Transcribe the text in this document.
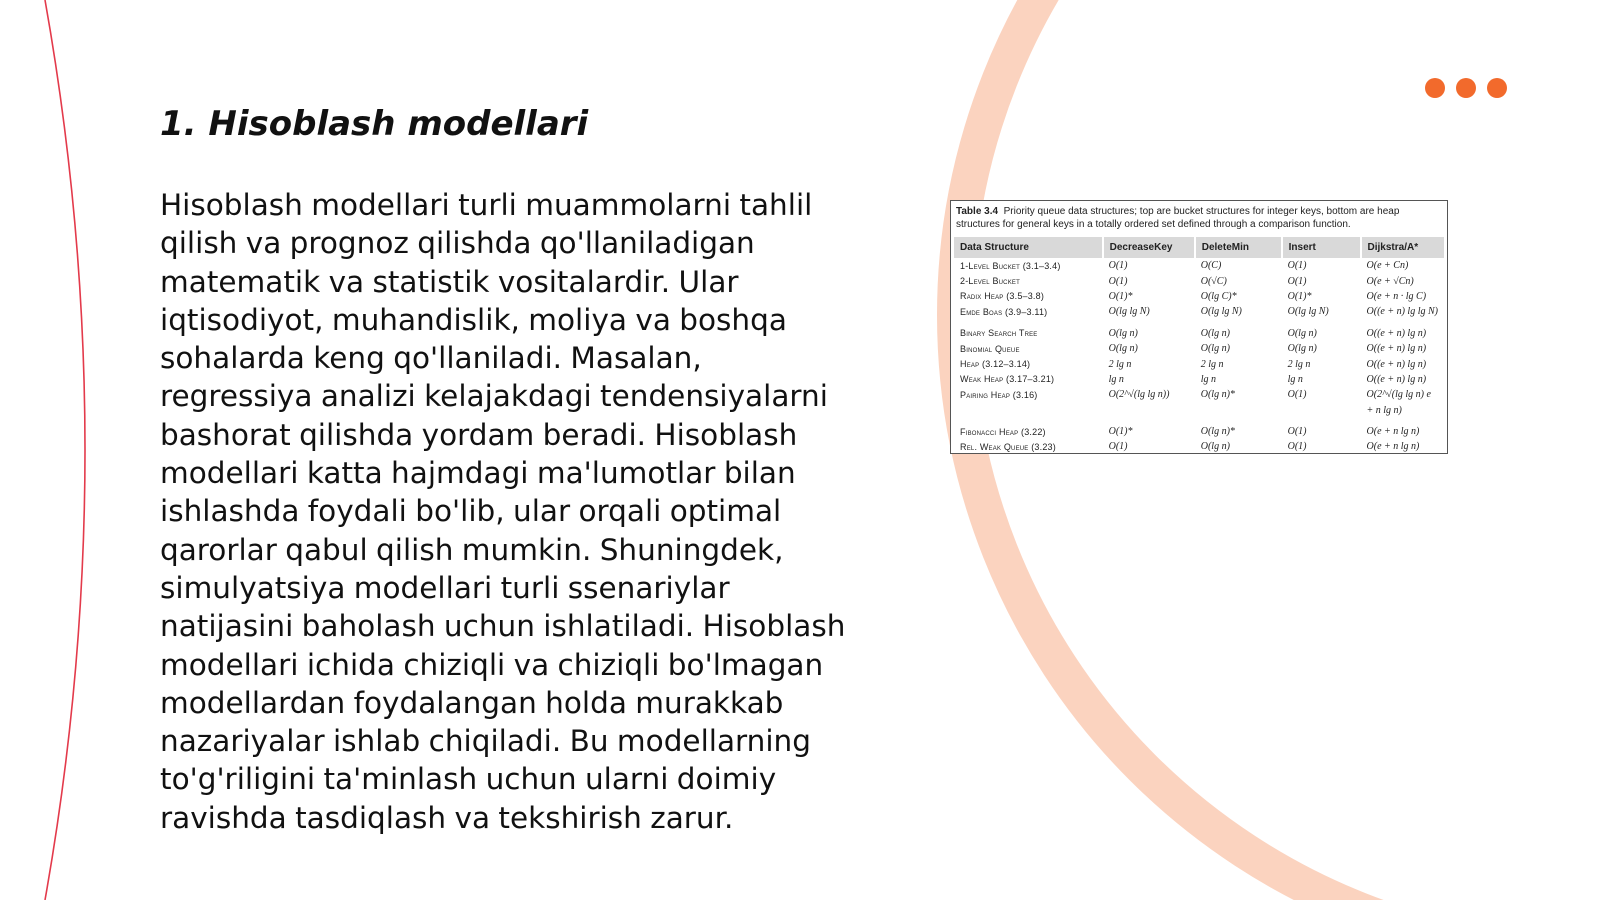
1. Hisoblash modellari

Hisoblash modellari turli muammolarni tahlil qilish va prognoz qilishda qo'llaniladigan matematik va statistik vositalardir. Ular iqtisodiyot, muhandislik, moliya va boshqa sohalarda keng qo'llaniladi. Masalan, regressiya analizi kelajakdagi tendensiyalarni bashorat qilishda yordam beradi. Hisoblash modellari katta hajmdagi ma'lumotlar bilan ishlashda foydali bo'lib, ular orqali optimal qarorlar qabul qilish mumkin. Shuningdek, simulyatsiya modellari turli ssenariylar natijasini baholash uchun ishlatiladi. Hisoblash modellari ichida chiziqli va chiziqli bo'lmagan modellardan foydalangan holda murakkab nazariyalar ishlab chiqiladi. Bu modellarning to'g'riligini ta'minlash uchun ularni doimiy ravishda tasdiqlash va tekshirish zarur.

Table 3.4 Priority queue data structures; top are bucket structures for integer keys, bottom are heap structures for general keys in a totally ordered set defined through a comparison function.

Data Structure	DecreaseKey	DeleteMin	Insert	Dijkstra/A*
1-Level Bucket (3.1–3.4)	O(1)	O(C)	O(1)	O(e + Cn)
2-Level Bucket	O(1)	O(√C)	O(1)	O(e + √Cn)
Radix Heap (3.5–3.8)	O(1)*	O(lg C)*	O(1)*	O(e + n · lg C)
Emde Boas (3.9–3.11)	O(lg lg N)	O(lg lg N)	O(lg lg N)	O((e + n) lg lg N)

Binary Search Tree	O(lg n)	O(lg n)	O(lg n)	O((e + n) lg n)
Binomial Queue	O(lg n)	O(lg n)	O(lg n)	O((e + n) lg n)
Heap (3.12–3.14)	2 lg n	2 lg n	2 lg n	O((e + n) lg n)
Weak Heap (3.17–3.21)	lg n	lg n	lg n	O((e + n) lg n)
Pairing Heap (3.16)	O(2^√(lg lg n))	O(lg n)*	O(1)	O(2^√(lg lg n) e
				+ n lg n)

Fibonacci Heap (3.22)	O(1)*	O(lg n)*	O(1)	O(e + n lg n)
Rel. Weak Queue (3.23)	O(1)	O(lg n)	O(1)	O(e + n lg n)
